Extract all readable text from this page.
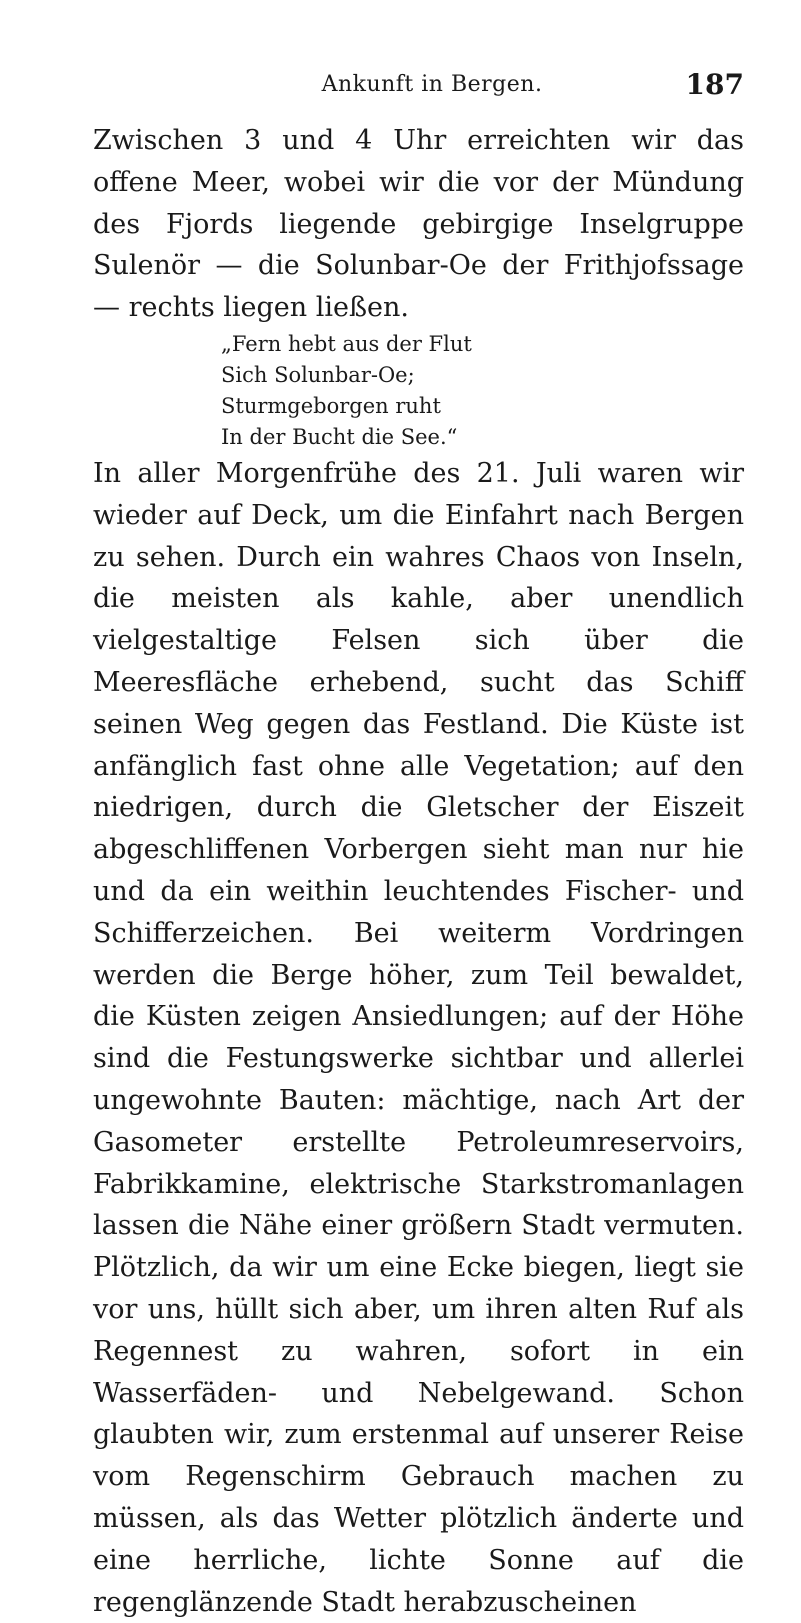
Ankunft in Bergen.	187

Zwischen 3 und 4 Uhr erreichten wir das offene Meer, wobei wir die vor der Mündung des Fjords liegende gebirgige Inselgruppe Sulenör — die Solunbar-Oe der Frithjofssage — rechts liegen ließen.

„Fern hebt aus der Flut
Sich Solunbar-Oe;
Sturmgeborgen ruht
In der Bucht die See.“

In aller Morgenfrühe des 21. Juli waren wir wieder auf Deck, um die Einfahrt nach Bergen zu sehen. Durch ein wahres Chaos von Inseln, die meisten als kahle, aber unendlich vielgestaltige Felsen sich über die Meeresfläche erhebend, sucht das Schiff seinen Weg gegen das Festland. Die Küste ist anfänglich fast ohne alle Vegetation; auf den niedrigen, durch die Gletscher der Eiszeit abgeschliffenen Vorbergen sieht man nur hie und da ein weithin leuchtendes Fischer- und Schifferzeichen. Bei weiterm Vordringen werden die Berge höher, zum Teil bewaldet, die Küsten zeigen Ansiedlungen; auf der Höhe sind die Festungswerke sichtbar und allerlei ungewohnte Bauten: mächtige, nach Art der Gasometer erstellte Petroleumreservoirs, Fabrikkamine, elektrische Starkstromanlagen lassen die Nähe einer größern Stadt vermuten. Plötzlich, da wir um eine Ecke biegen, liegt sie vor uns, hüllt sich aber, um ihren alten Ruf als Regennest zu wahren, sofort in ein Wasserfäden- und Nebelgewand. Schon glaubten wir, zum erstenmal auf unserer Reise vom Regenschirm Gebrauch machen zu müssen, als das Wetter plötzlich änderte und eine herrliche, lichte Sonne auf die regenglänzende Stadt herabzuscheinen
